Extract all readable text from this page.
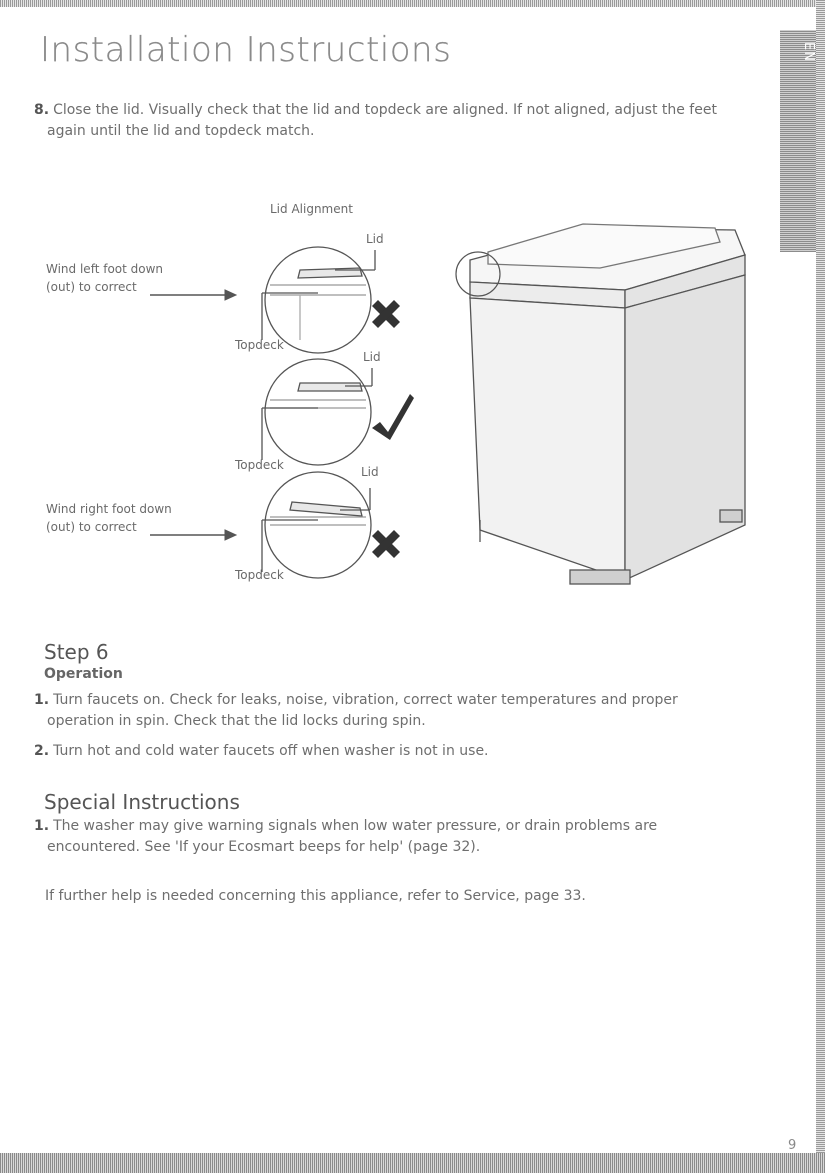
EN
Installation Instructions
8. Close the lid. Visually check that the lid and topdeck are aligned. If not aligned, adjust the feet
again until the lid and topdeck match.
Lid Alignment
Lid
Lid
Lid
Topdeck
Topdeck
Topdeck
Wind left foot down
(out) to correct
Wind right foot down
(out) to correct
Step 6
Operation
1. Turn faucets on. Check for leaks, noise, vibration, correct water temperatures and proper
operation in spin. Check that the lid locks during spin.
2. Turn hot and cold water faucets off when washer is not in use.
Special Instructions
1. The washer may give warning signals when low water pressure, or drain problems are
encountered. See 'If your Ecosmart beeps for help' (page 32).
If further help is needed concerning this appliance, refer to Service, page 33.
9
